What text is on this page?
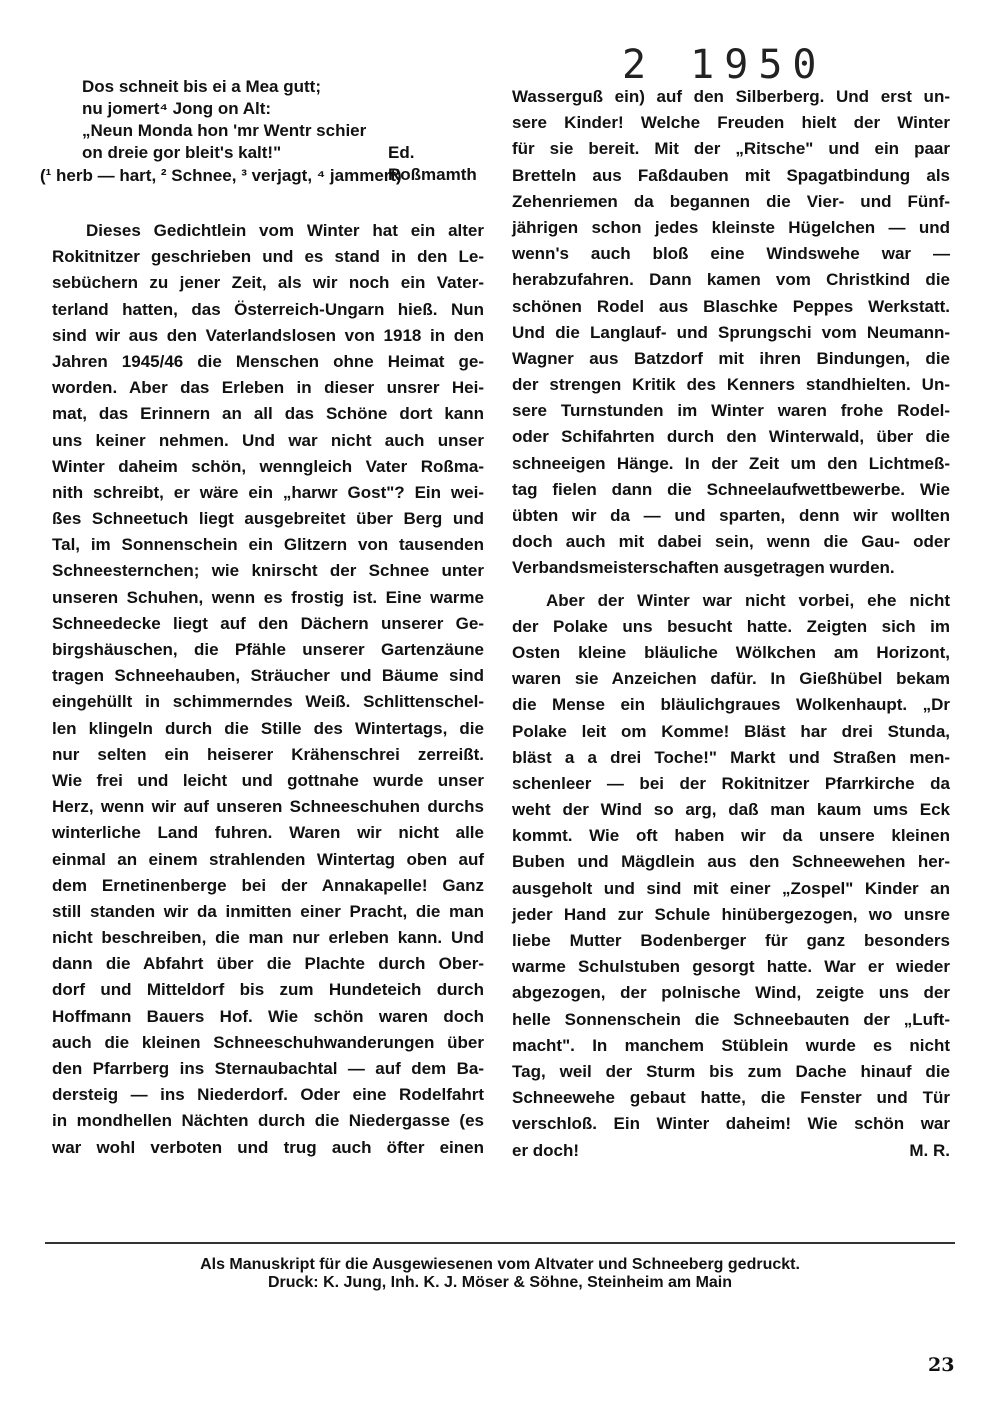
2 1950
Dos schneit bis ei a Mea gutt;
nu jomert⁴ Jong on Alt:
„Neun Monda hon 'mr Wentr schier
on dreie gor bleit's kalt!"	Ed. Roßmamth
(¹ herb — hart, ² Schnee, ³ verjagt, ⁴ jammert)
Dieses Gedichtlein vom Winter hat ein alter
Rokitnitzer geschrieben und es stand in den Le-
sebüchern zu jener Zeit, als wir noch ein Vater-
terland hatten, das Österreich-Ungarn hieß. Nun
sind wir aus den Vaterlandslosen von 1918 in den
Jahren 1945/46 die Menschen ohne Heimat ge-
worden. Aber das Erleben in dieser unsrer Hei-
mat, das Erinnern an all das Schöne dort kann
uns keiner nehmen. Und war nicht auch unser
Winter daheim schön, wenngleich Vater Roßma-
nith schreibt, er wäre ein „harwr Gost"? Ein wei-
ßes Schneetuch liegt ausgebreitet über Berg und
Tal, im Sonnenschein ein Glitzern von tausenden
Schneesternchen; wie knirscht der Schnee unter
unseren Schuhen, wenn es frostig ist. Eine warme
Schneedecke liegt auf den Dächern unserer Ge-
birgshäuschen, die Pfähle unserer Gartenzäune
tragen Schneehauben, Sträucher und Bäume sind
eingehüllt in schimmerndes Weiß. Schlittenschel-
len klingeln durch die Stille des Wintertags, die
nur selten ein heiserer Krähenschrei zerreißt.
Wie frei und leicht und gottnahe wurde unser
Herz, wenn wir auf unseren Schneeschuhen durchs
winterliche Land fuhren. Waren wir nicht alle
einmal an einem strahlenden Wintertag oben auf
dem Ernetinenberge bei der Annakapelle! Ganz
still standen wir da inmitten einer Pracht, die man
nicht beschreiben, die man nur erleben kann. Und
dann die Abfahrt über die Plachte durch Ober-
dorf und Mitteldorf bis zum Hundeteich durch
Hoffmann Bauers Hof. Wie schön waren doch
auch die kleinen Schneeschuhwanderungen über
den Pfarrberg ins Sternaubachtal — auf dem Ba-
dersteig — ins Niederdorf. Oder eine Rodelfahrt
in mondhellen Nächten durch die Niedergasse (es
war wohl verboten und trug auch öfter einen
Wasserguß ein) auf den Silberberg. Und erst un-
sere Kinder! Welche Freuden hielt der Winter
für sie bereit. Mit der „Ritsche" und ein paar
Bretteln aus Faßdauben mit Spagatbindung als
Zehenriemen da begannen die Vier- und Fünf-
jährigen schon jedes kleinste Hügelchen — und
wenn's auch bloß eine Windswehe war —
herabzufahren. Dann kamen vom Christkind die
schönen Rodel aus Blaschke Peppes Werkstatt.
Und die Langlauf- und Sprungschi vom Neumann-
Wagner aus Batzdorf mit ihren Bindungen, die
der strengen Kritik des Kenners standhielten. Un-
sere Turnstunden im Winter waren frohe Rodel-
oder Schifahrten durch den Winterwald, über die
schneeigen Hänge. In der Zeit um den Lichtmeß-
tag fielen dann die Schneelaufwettbewerbe. Wie
übten wir da — und sparten, denn wir wollten
doch auch mit dabei sein, wenn die Gau- oder
Verbandsmeisterschaften ausgetragen wurden.
Aber der Winter war nicht vorbei, ehe nicht
der Polake uns besucht hatte. Zeigten sich im
Osten kleine bläuliche Wölkchen am Horizont,
waren sie Anzeichen dafür. In Gießhübel bekam
die Mense ein bläulichgraues Wolkenhaupt. „Dr
Polake leit om Komme! Bläst har drei Stunda,
bläst a a drei Toche!" Markt und Straßen men-
schenleer — bei der Rokitnitzer Pfarrkirche da
weht der Wind so arg, daß man kaum ums Eck
kommt. Wie oft haben wir da unsere kleinen
Buben und Mägdlein aus den Schneewehen her-
ausgeholt und sind mit einer „Zospel" Kinder an
jeder Hand zur Schule hinübergezogen, wo unsre
liebe Mutter Bodenberger für ganz besonders
warme Schulstuben gesorgt hatte. War er wieder
abgezogen, der polnische Wind, zeigte uns der
helle Sonnenschein die Schneebauten der „Luft-
macht". In manchem Stüblein wurde es nicht
Tag, weil der Sturm bis zum Dache hinauf die
Schneewehe gebaut hatte, die Fenster und Tür
verschloß. Ein Winter daheim! Wie schön war
er doch!	M. R.
Als Manuskript für die Ausgewiesenen vom Altvater und Schneeberg gedruckt.
Druck: K. Jung, Inh. K. J. Möser & Söhne, Steinheim am Main
23
